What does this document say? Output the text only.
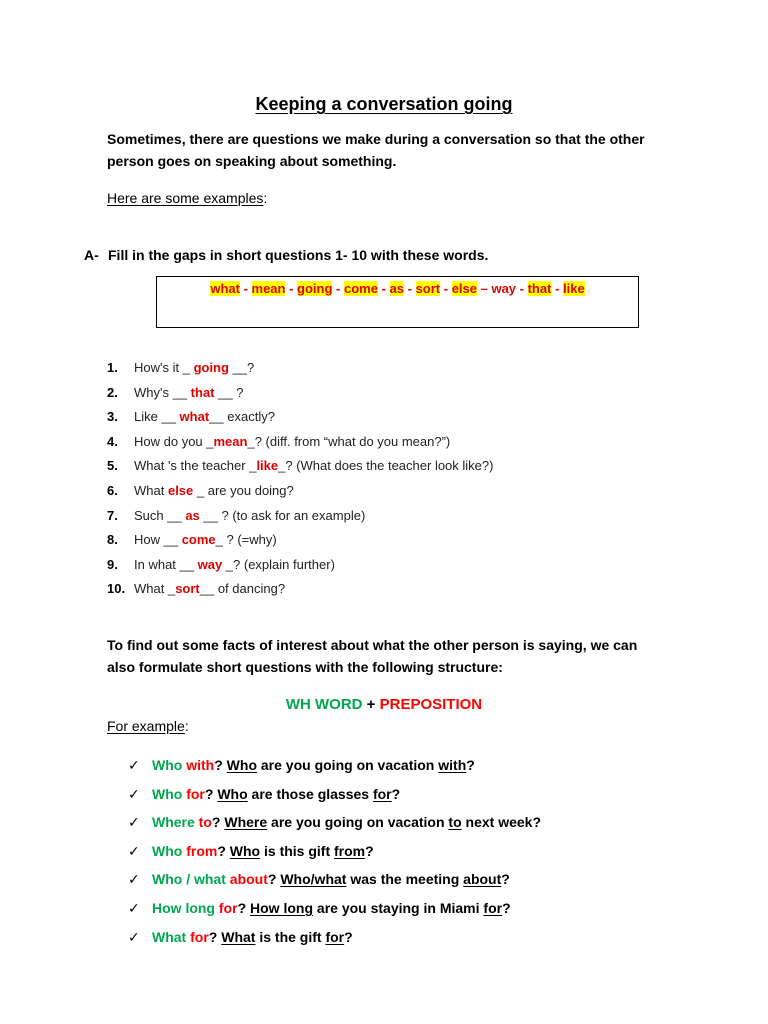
Keeping a conversation going
Sometimes, there are questions we make during a conversation so that the other person goes on speaking about something.
Here are some examples:
A- Fill in the gaps in short questions 1- 10 with these words.
what - mean - going - come - as - sort - else – way - that - like
1. How's it _ going __?
2. Why's __ that __ ?
3. Like __ what__ exactly?
4. How do you _mean_? (diff. from “what do you mean?”)
5. What 's the teacher _like_? (What does the teacher look like?)
6. What else _ are you doing?
7. Such __ as __ ? (to ask for an example)
8. How __ come_ ? (=why)
9. In what __ way _? (explain further)
10. What _sort__ of dancing?
To find out some facts of interest about what the other person is saying, we can also formulate short questions with the following structure:
WH WORD + PREPOSITION
For example:
✓ Who with? Who are you going on vacation with?
✓ Who for? Who are those glasses for?
✓ Where to? Where are you going on vacation to next week?
✓ Who from? Who is this gift from?
✓ Who / what about? Who/what was the meeting about?
✓ How long for? How long are you staying in Miami for?
✓ What for? What is the gift for?
